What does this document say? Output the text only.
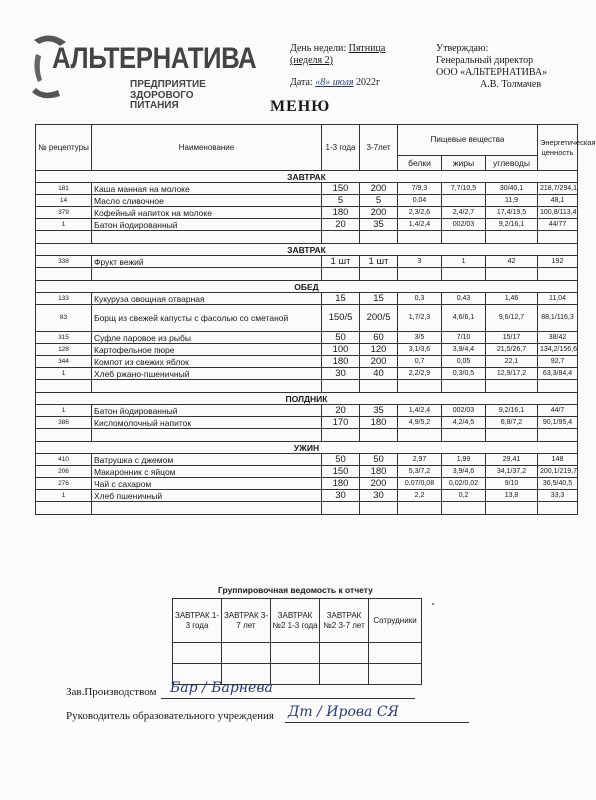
АЛЬТЕРНАТИВА
ПРЕДПРИЯТИЕ
ЗДОРОВОГО
ПИТАНИЯ
День недели: Пятница
(неделя 2)
Дата: «8» июля 2022г
Утверждаю:
Генеральный директор
ООО «АЛЬТЕРНАТИВА»
А.В. Толмачев
МЕНЮ
№ рецептуры	Наименование	1-3 года	3-7лет	Пищевые вещества			Энергетическая ценность
				белки	жиры	углеводы	
ЗАВТРАК							
181	Каша манная на молоке	150	200	7/9,3	7,7/10,5	30/40,1	218,7/294,1
14	Масло сливочное	5	5	0,04		11,9	48,1
379	Кофейный напиток на молоке	180	200	2,3/2,6	2,4/2,7	17,4/19,5	100,8/113,4
1	Батон йодированный	20	35	1,4/2,4	002/03	9,2/16,1	44/77

ЗАВТРАК							
338	Фрукт вежий	1 шт	1 шт	3	1	42	192

ОБЕД							
133	Кукуруза овощная отварная	15	15	0,3	0,43	1,46	11,04
83	Борщ из свежей капусты с фасолью со сметаной	150/5	200/5	1,7/2,3	4,6/6,1	9,6/12,7	88,1/116,3
315	Суфле паровое из рыбы	50	60	3/5	7/10	15/17	38/42
128	Картофельное пюре	100	120	3,1/3,6	3,9/4,4	21,5/26,7	134,2/156,6
344	Компот из свежих яблок	180	200	0,7	0,05	22,1	92,7
1	Хлеб ржано-пшеничный	30	40	2,2/2,9	0,3/0,5	12,9/17,2	63,3/84,4

ПОЛДНИК							
1	Батон йодированный	20	35	1,4/2,4	002/03	9,2/16,1	44/7
386	Кисломолочный напиток	170	180	4,9/5,2	4,2/4,5	6,8/7,2	90,1/95,4

УЖИН							
410	Ватрушка с джемом	50	50	2,97	1,99	29,41	148
206	Макаронник с яйцом	150	180	5,3/7,2	3,9/4,6	34,1/37,2	200,1/219,7
276	Чай с сахаром	180	200	0,07/0,08	0,02/0,02	9/10	36,5/40,5
1	Хлеб пшеничный	30	30	2,2	0,2	13,8	33,3

Группировочная ведомость к отчету
ЗАВТРАК 1-3 года	ЗАВТРАК 3-7 лет	ЗАВТРАК №2 1-3 года	ЗАВТРАК №2 3-7 лет	Сотрудники

Зав.Производством Бар / Барнева
Руководитель образовательного учреждения Дт / Ирова СЯ
